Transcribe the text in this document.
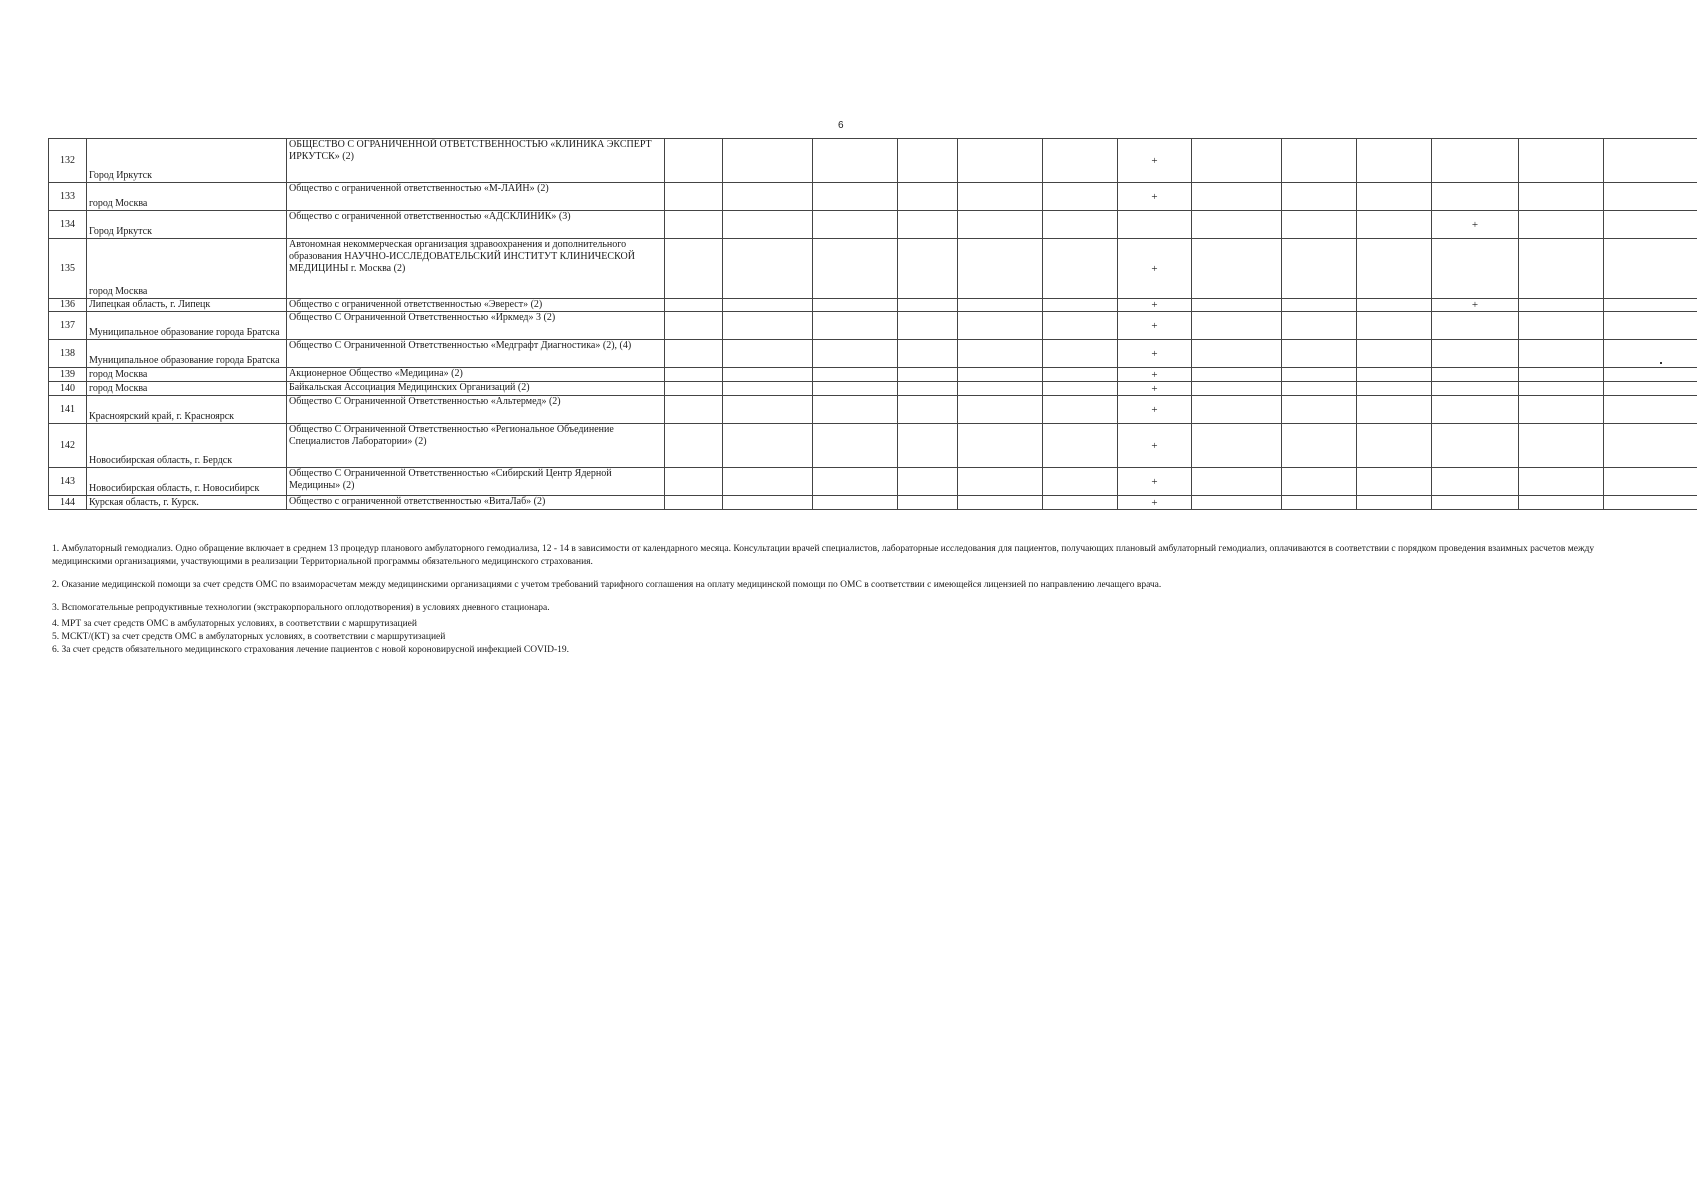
6
132	Город Иркутск	ОБЩЕСТВО С ОГРАНИЧЕННОЙ ОТВЕТСТВЕННОСТЬЮ «КЛИНИКА ЭКСПЕРТ ИРКУТСК» (2)							+							
133	город Москва	Общество с ограниченной ответственностью «М-ЛАЙН» (2)							+							
134	Город Иркутск	Общество с ограниченной ответственностью «АДСКЛИНИК» (3)											+			
135	город Москва	Автономная некоммерческая организация здравоохранения и дополнительного образования НАУЧНО-ИССЛЕДОВАТЕЛЬСКИЙ ИНСТИТУТ КЛИНИЧЕСКОЙ МЕДИЦИНЫ г. Москва (2)							+							
136	Липецкая область, г. Липецк	Общество с ограниченной ответственностью «Эверест» (2)							+				+			
137	Муниципальное образование города Братска	Общество С Ограниченной Ответственностью «Иркмед» 3 (2)							+							
138	Муниципальное образование города Братска	Общество С Ограниченной Ответственностью «Медграфт Диагностика» (2), (4)							+							
139	город Москва	Акционерное Общество «Медицина» (2)							+							
140	город Москва	Байкальская Ассоциация Медицинских Организаций (2)							+							
141	Красноярский край, г. Красноярск	Общество С Ограниченной Ответственностью «Альтермед» (2)							+							
142	Новосибирская область, г. Бердск	Общество С Ограниченной Ответственностью «Региональное Объединение Специалистов Лаборатории» (2)							+							
143	Новосибирская область, г. Новосибирск	Общество С Ограниченной Ответственностью «Сибирский Центр Ядерной Медицины» (2)							+							
144	Курская область, г. Курск.	Общество с ограниченной ответственностью «ВитаЛаб» (2)							+							

1. Амбулаторный гемодиализ. Одно обращение включает в среднем 13 процедур планового амбулаторного гемодиализа, 12 - 14 в зависимости от календарного месяца. Консультации врачей специалистов, лабораторные исследования для пациентов, получающих плановый амбулаторный гемодиализ, оплачиваются в соответствии с порядком проведения взаимных расчетов между медицинскими организациями, участвующими в реализации Территориальной программы обязательного медицинского страхования.

2. Оказание медицинской помощи за счет средств ОМС по взаиморасчетам между медицинскими организациями с учетом требований тарифного соглашения на оплату медицинской помощи по ОМС в соответствии с имеющейся лицензией по направлению лечащего врача.

3. Вспомогательные репродуктивные технологии (экстракорпорального оплодотворения) в условиях дневного стационара.

4. МРТ за счет средств ОМС в амбулаторных условиях, в соответствии с маршрутизацией

5. МСКТ/(КТ) за счет средств ОМС в амбулаторных условиях, в соответствии с маршрутизацией

6. За счет средств обязательного медицинского страхования лечение пациентов с новой короновирусной инфекцией COVID-19.
